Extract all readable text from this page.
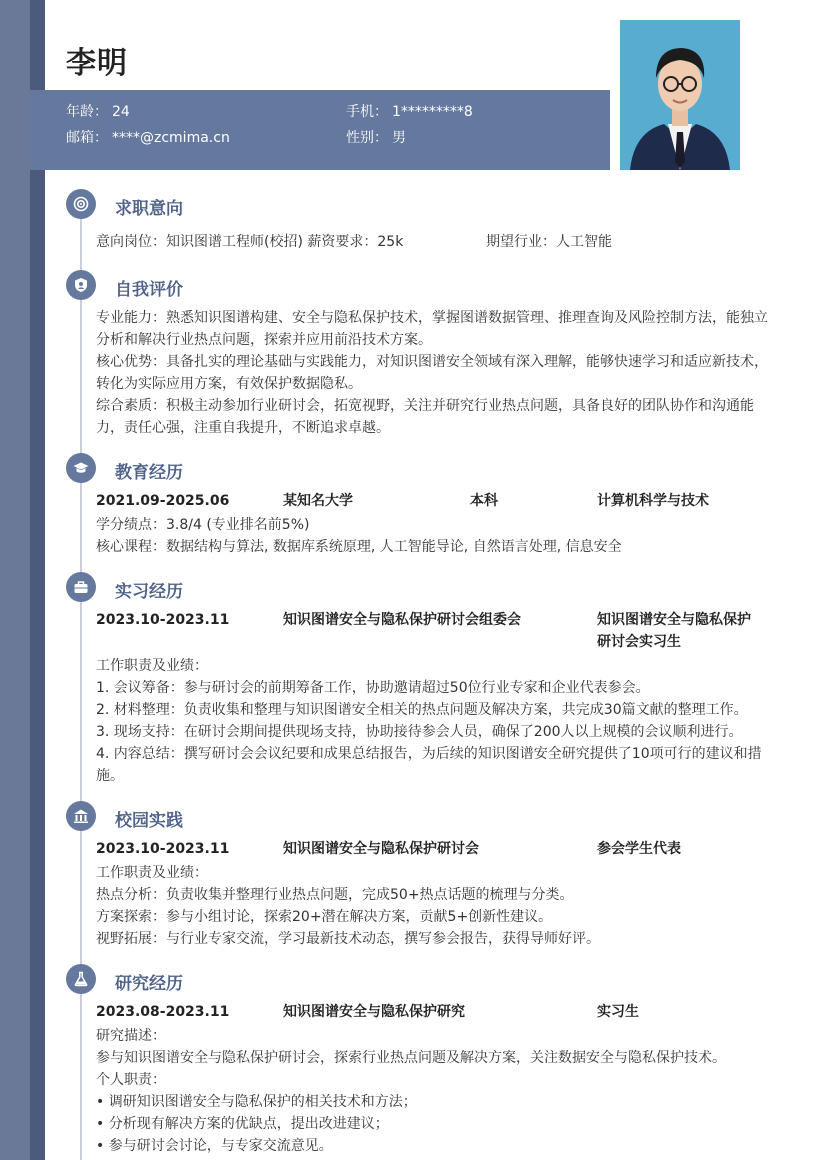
李明
年龄： 24	手机： 1*********8
邮箱： ****@zcmima.cn	性别： 男
求职意向
意向岗位：知识图谱工程师(校招) 薪资要求：25k	期望行业：人工智能
自我评价
专业能力：熟悉知识图谱构建、安全与隐私保护技术，掌握图谱数据管理、推理查询及风险控制方法，能独立分析和解决行业热点问题，探索并应用前沿技术方案。
核心优势：具备扎实的理论基础与实践能力，对知识图谱安全领域有深入理解，能够快速学习和适应新技术，转化为实际应用方案，有效保护数据隐私。
综合素质：积极主动参加行业研讨会，拓宽视野，关注并研究行业热点问题，具备良好的团队协作和沟通能力，责任心强，注重自我提升，不断追求卓越。
教育经历
2021.09-2025.06	某知名大学	本科	计算机科学与技术
学分绩点：3.8/4 (专业排名前5%)
核心课程：数据结构与算法, 数据库系统原理, 人工智能导论, 自然语言处理, 信息安全
实习经历
2023.10-2023.11	知识图谱安全与隐私保护研讨会组委会	知识图谱安全与隐私保护研讨会实习生
工作职责及业绩：
1. 会议筹备：参与研讨会的前期筹备工作，协助邀请超过50位行业专家和企业代表参会。
2. 材料整理：负责收集和整理与知识图谱安全相关的热点问题及解决方案，共完成30篇文献的整理工作。
3. 现场支持：在研讨会期间提供现场支持，协助接待参会人员，确保了200人以上规模的会议顺利进行。
4. 内容总结：撰写研讨会会议纪要和成果总结报告，为后续的知识图谱安全研究提供了10项可行的建议和措施。
校园实践
2023.10-2023.11	知识图谱安全与隐私保护研讨会	参会学生代表
工作职责及业绩：
热点分析：负责收集并整理行业热点问题，完成50+热点话题的梳理与分类。
方案探索：参与小组讨论，探索20+潜在解决方案，贡献5+创新性建议。
视野拓展：与行业专家交流，学习最新技术动态，撰写参会报告，获得导师好评。
研究经历
2023.08-2023.11	知识图谱安全与隐私保护研究	实习生
研究描述：
参与知识图谱安全与隐私保护研讨会，探索行业热点问题及解决方案，关注数据安全与隐私保护技术。
个人职责：
• 调研知识图谱安全与隐私保护的相关技术和方法；
• 分析现有解决方案的优缺点，提出改进建议；
• 参与研讨会讨论，与专家交流意见。
